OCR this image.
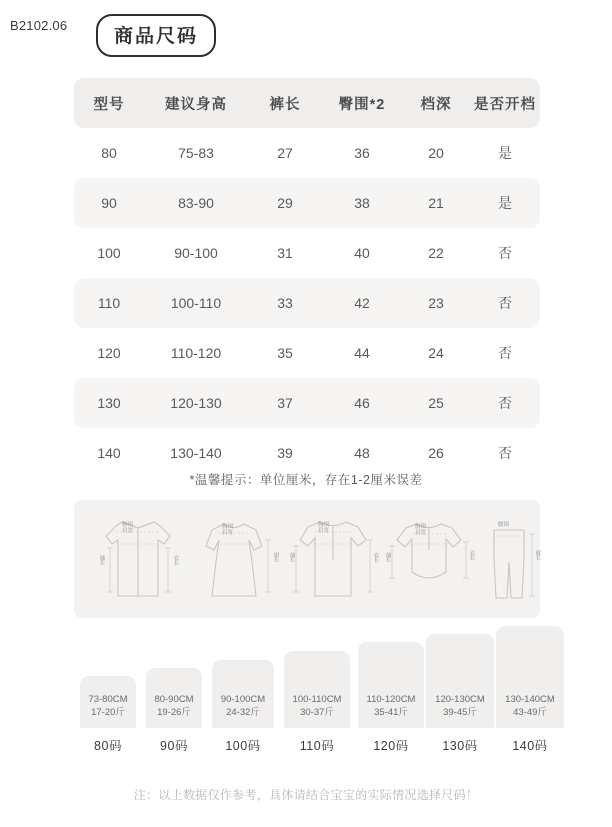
B2102.06
商品尺码
型号	建议身高	裤长	臀围*2	档深	是否开档
80	75-83	27	36	20	是
90	83-90	29	38	21	是
100	90-100	31	40	22	否
110	100-110	33	42	23	否
120	110-120	35	44	24	否
130	120-130	37	46	25	否
140	130-140	39	48	26	否
*温馨提示：单位厘米，存在1-2厘米误差
胸围
肩宽
袖长	衣长
胸围
肩宽
裙长
胸围
肩宽
袖长	衣长
胸围
肩宽
衣长
袖长
腰围
裤长
73-80CM
17-20斤
80码
80-90CM
19-26斤
90码
90-100CM
24-32斤
100码
100-110CM
30-37斤
110码
110-120CM
35-41斤
120码
120-130CM
39-45斤
130码
130-140CM
43-49斤
140码
注：以上数据仅作参考，具体请结合宝宝的实际情况选择尺码！
